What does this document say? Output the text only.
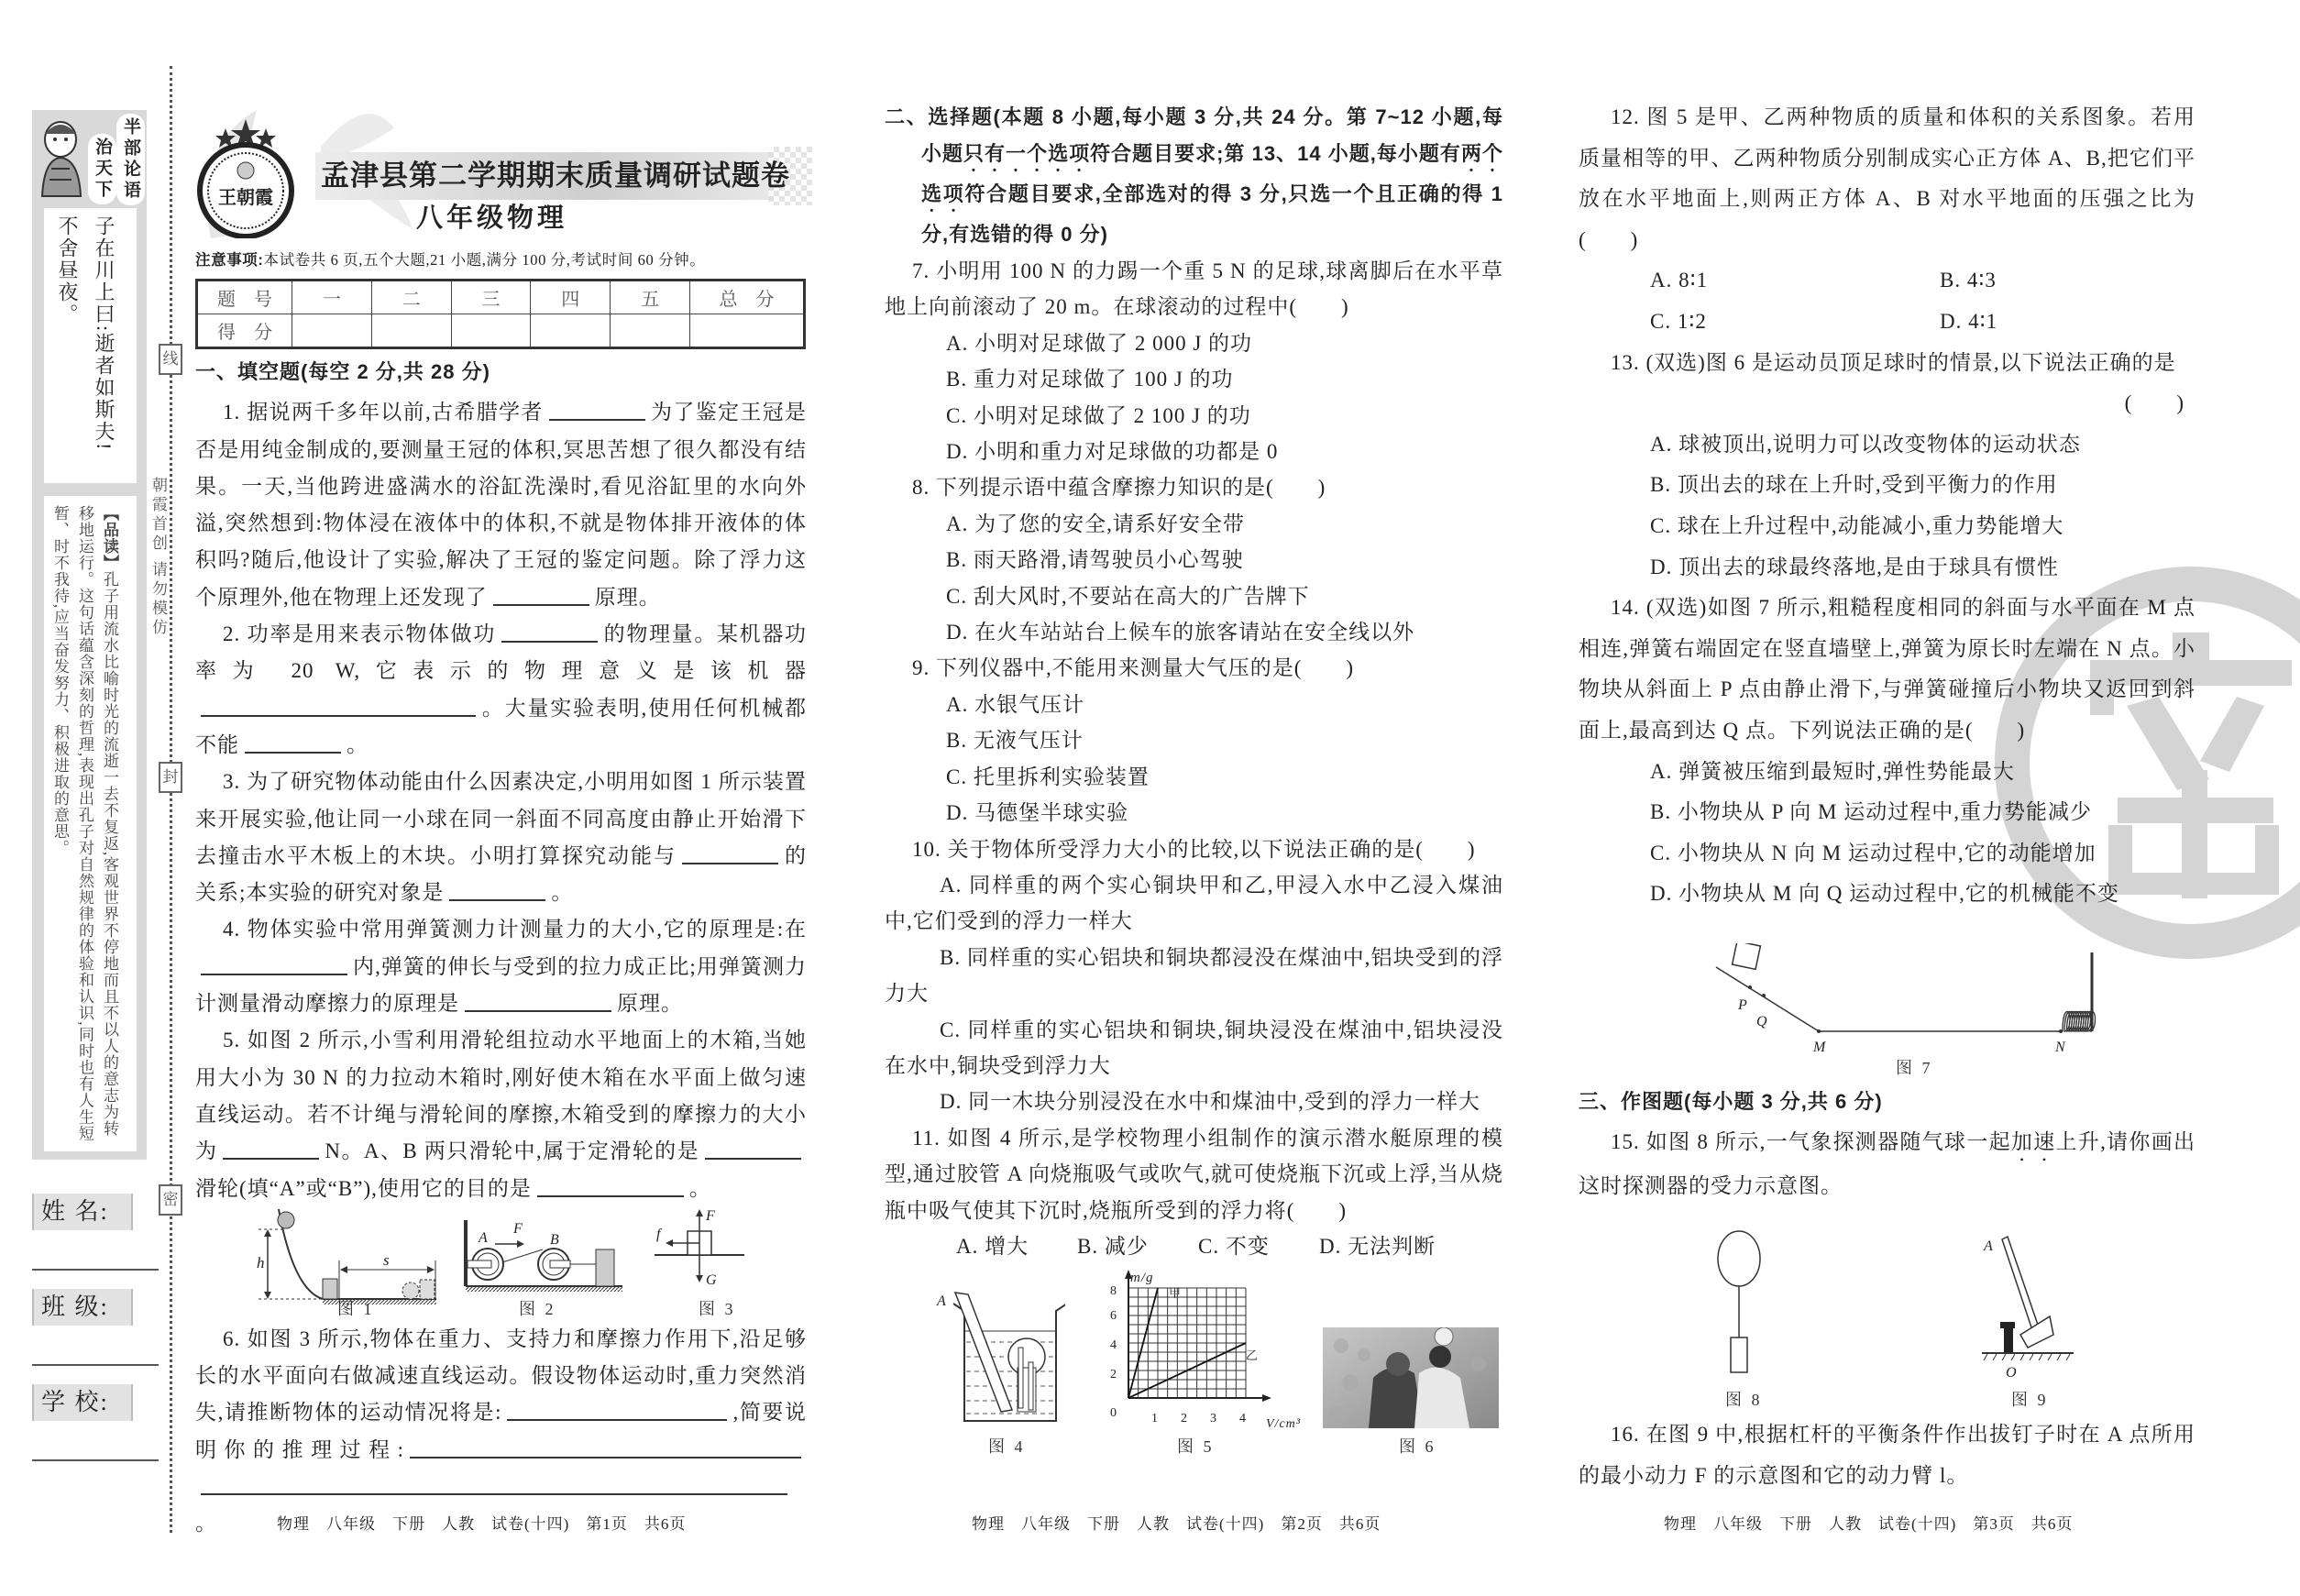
半部论语
治天下
子在川上曰:逝者如斯夫!
不舍昼夜。
【品读】孔子用流水比喻时光的流逝一去不复返,客观世界不停地而且不以人的意志为转移地运行。这句话蕴含深刻的哲理,表现出孔子对自然规律的体验和认识,同时也有人生短暂、时不我待,应当奋发努力、积极进取的意思。
姓 名:
班 级:
学 校:
线
封
密
朝霞首创 请勿模仿
王朝霞
孟津县第二学期期末质量调研试题卷
八年级物理
注意事项:本试卷共 6 页,五个大题,21 小题,满分 100 分,考试时间 60 分钟。
题　号	一	二	三	四	五	总　分
得　分						
一、填空题(每空 2 分,共 28 分)
1. 据说两千多年以前,古希腊学者	为了鉴定王冠是否是用纯金制成的,要测量王冠的体积,冥思苦想了很久都没有结果。一天,当他跨进盛满水的浴缸洗澡时,看见浴缸里的水向外溢,突然想到:物体浸在液体中的体积,不就是物体排开液体的体积吗?随后,他设计了实验,解决了王冠的鉴定问题。除了浮力这个原理外,他在物理上还发现了	原理。
2. 功率是用来表示物体做功	的物理量。某机器功率为 20 W,它表示的物理意义是该机器。大量实验表明,使用任何机械都不能	。
3. 为了研究物体动能由什么因素决定,小明用如图 1 所示装置来开展实验,他让同一小球在同一斜面不同高度由静止开始滑下去撞击水平木板上的木块。小明打算探究动能与	的关系;本实验的研究对象是	。
4. 物体实验中常用弹簧测力计测量力的大小,它的原理是:在内,弹簧的伸长与受到的拉力成正比;用弹簧测力计测量滑动摩擦力的原理是	原理。
5. 如图 2 所示,小雪利用滑轮组拉动水平地面上的木箱,当她用大小为 30 N 的力拉动木箱时,刚好使木箱在水平面上做匀速直线运动。若不计绳与滑轮间的摩擦,木箱受到的摩擦力的大小为	N。A、B 两只滑轮中,属于定滑轮的是滑轮(填“A”或“B”),使用它的目的是	。
h	s
图 1
A
F
B
图 2
F
f
G
图 3
6. 如图 3 所示,物体在重力、支持力和摩擦力作用下,沿足够长的水平面向右做减速直线运动。假设物体运动时,重力突然消失,请推断物体的运动情况将是:	,简要说明你的推理过程:。
二、选择题(本题 8 小题,每小题 3 分,共 24 分。第 7~12 小题,每小题只有一个选项符合题目要求;第 13、14 小题,每小题有两个选项符合题目要求,全部选对的得 3 分,只选一个且正确的得 1 分,有选错的得 0 分)
7. 小明用 100 N 的力踢一个重 5 N 的足球,球离脚后在水平草地上向前滚动了 20 m。在球滚动的过程中(　　)
A. 小明对足球做了 2 000 J 的功
B. 重力对足球做了 100 J 的功
C. 小明对足球做了 2 100 J 的功
D. 小明和重力对足球做的功都是 0
8. 下列提示语中蕴含摩擦力知识的是(　　)
A. 为了您的安全,请系好安全带
B. 雨天路滑,请驾驶员小心驾驶
C. 刮大风时,不要站在高大的广告牌下
D. 在火车站站台上候车的旅客请站在安全线以外
9. 下列仪器中,不能用来测量大气压的是(　　)
A. 水银气压计
B. 无液气压计
C. 托里拆利实验装置
D. 马德堡半球实验
10. 关于物体所受浮力大小的比较,以下说法正确的是(　　)
A. 同样重的两个实心铜块甲和乙,甲浸入水中乙浸入煤油中,它们受到的浮力一样大
B. 同样重的实心铝块和铜块都浸没在煤油中,铝块受到的浮力大
C. 同样重的实心铝块和铜块,铜块浸没在煤油中,铝块浸没在水中,铜块受到浮力大
D. 同一木块分别浸没在水中和煤油中,受到的浮力一样大
11. 如图 4 所示,是学校物理小组制作的演示潜水艇原理的模型,通过胶管 A 向烧瓶吸气或吹气,就可使烧瓶下沉或上浮,当从烧瓶中吸气使其下沉时,烧瓶所受到的浮力将(　　)
A. 增大	B. 减少	C. 不变	D. 无法判断
A
图 4
m/g
甲
乙
V/cm³
0	1 2 3 4
2
4
6
8
图 5	图 6
12. 图 5 是甲、乙两种物质的质量和体积的关系图象。若用质量相等的甲、乙两种物质分别制成实心正方体 A、B,把它们平放在水平地面上,则两正方体 A、B 对水平地面的压强之比为(　　)
A. 8∶1	B. 4∶3
C. 1∶2	D. 4∶1
13. (双选)图 6 是运动员顶足球时的情景,以下说法正确的是
(　　)
A. 球被顶出,说明力可以改变物体的运动状态
B. 顶出去的球在上升时,受到平衡力的作用
C. 球在上升过程中,动能减小,重力势能增大
D. 顶出去的球最终落地,是由于球具有惯性
14. (双选)如图 7 所示,粗糙程度相同的斜面与水平面在 M 点相连,弹簧右端固定在竖直墙壁上,弹簧为原长时左端在 N 点。小物块从斜面上 P 点由静止滑下,与弹簧碰撞后小物块又返回到斜面上,最高到达 Q 点。下列说法正确的是(　　)
A. 弹簧被压缩到最短时,弹性势能最大
B. 小物块从 P 向 M 运动过程中,重力势能减少
C. 小物块从 N 向 M 运动过程中,它的动能增加
D. 小物块从 M 向 Q 运动过程中,它的机械能不变
P
Q
M	N
图 7
三、作图题(每小题 3 分,共 6 分)
15. 如图 8 所示,一气象探测器随气球一起加速上升,请你画出这时探测器的受力示意图。
图 8
A
O
图 9
16. 在图 9 中,根据杠杆的平衡条件作出拔钉子时在 A 点所用的最小动力 F 的示意图和它的动力臂 l。
物理　八年级　下册　人教　试卷(十四)　第1页　共6页	物理　八年级　下册　人教　试卷(十四)　第2页　共6页	物理　八年级　下册　人教　试卷(十四)　第3页　共6页
